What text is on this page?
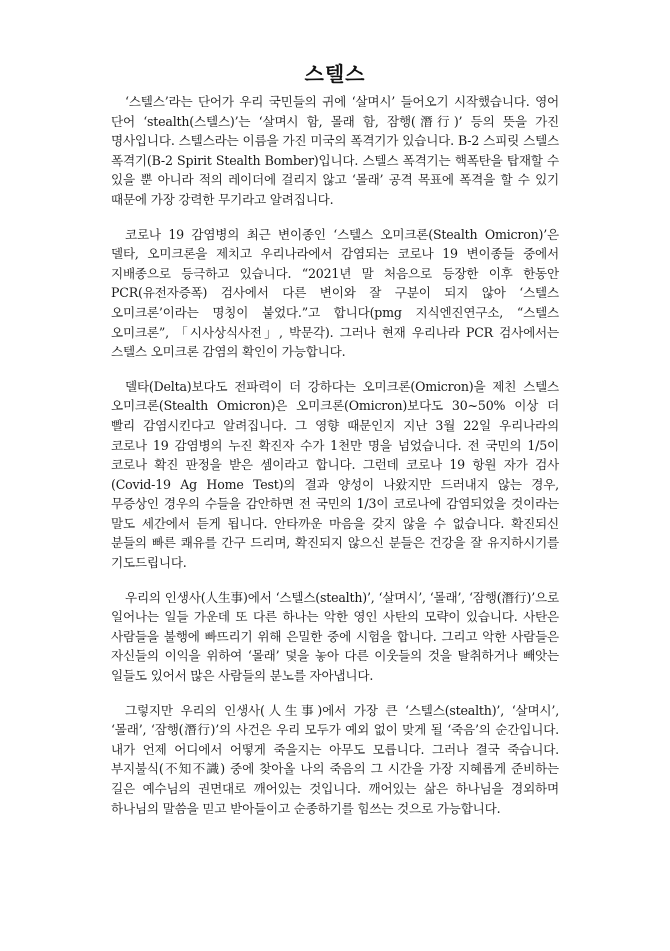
스텔스

‘스텔스’라는 단어가 우리 국민들의 귀에 ‘살며시’ 들어오기 시작했습니다. 영어 단어 ‘stealth(스텔스)’는 ‘살며시 함, 몰래 함, 잠행(潛行)’ 등의 뜻을 가진 명사입니다. 스텔스라는 이름을 가진 미국의 폭격기가 있습니다. B-2 스피릿 스텔스 폭격기(B-2 Spirit Stealth Bomber)입니다. 스텔스 폭격기는 핵폭탄을 탑재할 수 있을 뿐 아니라 적의 레이더에 걸리지 않고 ‘몰래’ 공격 목표에 폭격을 할 수 있기 때문에 가장 강력한 무기라고 알려집니다.

코로나 19 감염병의 최근 변이종인 ‘스텔스 오미크론(Stealth Omicron)’은 델타, 오미크론을 제치고 우리나라에서 감염되는 코로나 19 변이종들 중에서 지배종으로 등극하고 있습니다. “2021년 말 처음으로 등장한 이후 한동안 PCR(유전자증폭) 검사에서 다른 변이와 잘 구분이 되지 않아 ‘스텔스 오미크론’이라는 명칭이 붙었다.”고 합니다(pmg 지식엔진연구소, “스텔스 오미크론”, 「시사상식사전」, 박문각). 그러나 현재 우리나라 PCR 검사에서는 스텔스 오미크론 감염의 확인이 가능합니다.

델타(Delta)보다도 전파력이 더 강하다는 오미크론(Omicron)을 제친 스텔스 오미크론(Stealth Omicron)은 오미크론(Omicron)보다도 30~50% 이상 더 빨리 감염시킨다고 알려집니다. 그 영향 때문인지 지난 3월 22일 우리나라의 코로나 19 감염병의 누진 확진자 수가 1천만 명을 넘었습니다. 전 국민의 1/5이 코로나 확진 판정을 받은 셈이라고 합니다. 그런데 코로나 19 항원 자가 검사(Covid-19 Ag Home Test)의 결과 양성이 나왔지만 드러내지 않는 경우, 무증상인 경우의 수들을 감안하면 전 국민의 1/3이 코로나에 감염되었을 것이라는 말도 세간에서 듣게 됩니다. 안타까운 마음을 갖지 않을 수 없습니다. 확진되신 분들의 빠른 쾌유를 간구 드리며, 확진되지 않으신 분들은 건강을 잘 유지하시기를 기도드립니다.

우리의 인생사(人生事)에서 ‘스텔스(stealth)’, ‘살며시’, ‘몰래’, ‘잠행(潛行)’으로 일어나는 일들 가운데 또 다른 하나는 악한 영인 사탄의 모략이 있습니다. 사탄은 사람들을 불행에 빠뜨리기 위해 은밀한 중에 시험을 합니다. 그리고 악한 사람들은 자신들의 이익을 위하여 ‘몰래’ 덫을 놓아 다른 이웃들의 것을 탈취하거나 빼앗는 일들도 있어서 많은 사람들의 분노를 자아냅니다.

그렇지만 우리의 인생사(人生事)에서 가장 큰 ‘스텔스(stealth)’, ‘살며시’, ‘몰래’, ‘잠행(潛行)’의 사건은 우리 모두가 예외 없이 맞게 될 ‘죽음’의 순간입니다. 내가 언제 어디에서 어떻게 죽을지는 아무도 모릅니다. 그러나 결국 죽습니다. 부지불식(不知不識) 중에 찾아올 나의 죽음의 그 시간을 가장 지혜롭게 준비하는 길은 예수님의 권면대로 깨어있는 것입니다. 깨어있는 삶은 하나님을 경외하며 하나님의 말씀을 믿고 받아들이고 순종하기를 힘쓰는 것으로 가능합니다.
